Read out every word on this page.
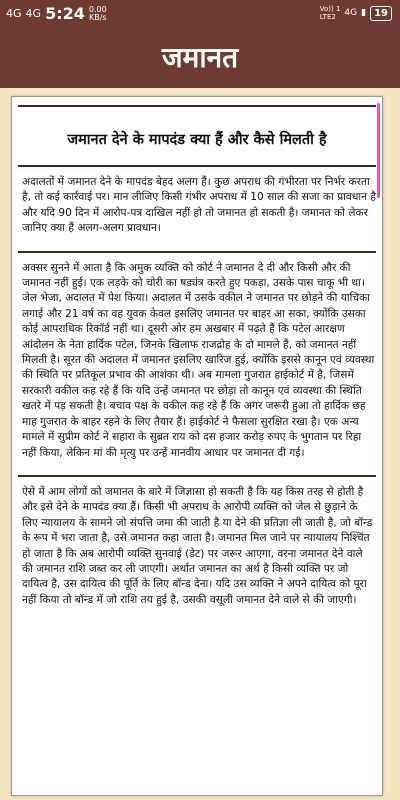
4G 4G 5:24 0.00
KB/s
Vo)) 1
LTE2 4G ▮ 19
जमानत
जमानत देने के मापदंड क्या हैं और कैसे मिलती है

अदालतों में जमानत देने के मापदंड बेहद अलग हैं। कुछ अपराध की गंभीरता पर निर्भर करता है, तो कई कार्रवाई पर। मान लीजिए किसी गंभीर अपराध में 10 साल की सजा का प्रावधान है और यदि 90 दिन में आरोप-पत्र दाखिल नहीं हो तो जमानत हो सकती है। जमानत को लेकर जानिए क्या हैं अलग-अलग प्रावधान।

अक्सर सुनने में आता है कि अमुक व्यक्ति को कोर्ट ने जमानत दे दी और किसी और की जमानत नहीं हुई। एक लड़के को चोरी का षड्यंत्र करते हुए पकड़ा, उसके पास चाकू भी था। जेल भेजा, अदालत में पेश किया। अदालत में उसके वकील ने जमानत पर छोड़ने की याचिका लगाई और 21 वर्ष का वह युवक केवल इसलिए जमानत पर बाहर आ सका, क्योंकि उसका कोई आपराधिक रिकॉर्ड नहीं था। दूसरी ओर हम अखबार में पढ़ते हैं कि पटेल आरक्षण आंदोलन के नेता हार्दिक पटेल, जिनके खिलाफ राजद्रोह के दो मामले हैं, को जमानत नहीं मिलती है। सूरत की अदालत में जमानत इसलिए खारिज हुई, क्योंकि इससे कानून एवं व्यवस्था की स्थिति पर प्रतिकूल प्रभाव की आशंका थी। अब मामला गुजरात हाईकोर्ट में है, जिसमें सरकारी वकील कह रहे हैं कि यदि उन्हें जमानत पर छोड़ा तो कानून एवं व्यवस्था की स्थिति खतरे में पड़ सकती है। बचाव पक्ष के वकील कह रहे हैं कि अगर जरूरी हुआ तो हार्दिक छह माह गुजरात के बाहर रहने के लिए तैयार हैं। हाईकोर्ट ने फैसला सुरक्षित रखा है। एक अन्य मामले में सुप्रीम कोर्ट ने सहारा के सुब्रत राय को दस हजार करोड़ रुपए के भुगतान पर रिहा नहीं किया, लेकिन मां की मृत्यु पर उन्हें मानवीय आधार पर जमानत दी गई।

ऐसे में आम लोगों को जमानत के बारे में जिज्ञासा हो सकती है कि यह किस तरह से होती है और इसे देने के मापदंड क्या हैं। किसी भी अपराध के आरोपी व्यक्ति को जेल से छुड़ाने के लिए न्यायालय के सामने जो संपत्ति जमा की जाती है या देने की प्रतिज्ञा ली जाती है, जो बॉन्ड के रूप में भरा जाता है, उसे जमानत कहा जाता है। जमानत मिल जाने पर न्यायालय निश्चिंत हो जाता है कि अब आरोपी व्यक्ति सुनवाई (डेट) पर जरूर आएगा, वरना जमानत देने वाले की जमानत राशि जब्त कर ली जाएगी। अर्थात जमानत का अर्थ है किसी व्यक्ति पर जो दायित्व है, उस दायित्व की पूर्ति के लिए बॉन्ड देना। यदि उस व्यक्ति ने अपने दायित्व को पूरा नहीं किया तो बॉन्ड में जो राशि तय हुई है, उसकी वसूली जमानत देने वाले से की जाएगी।
